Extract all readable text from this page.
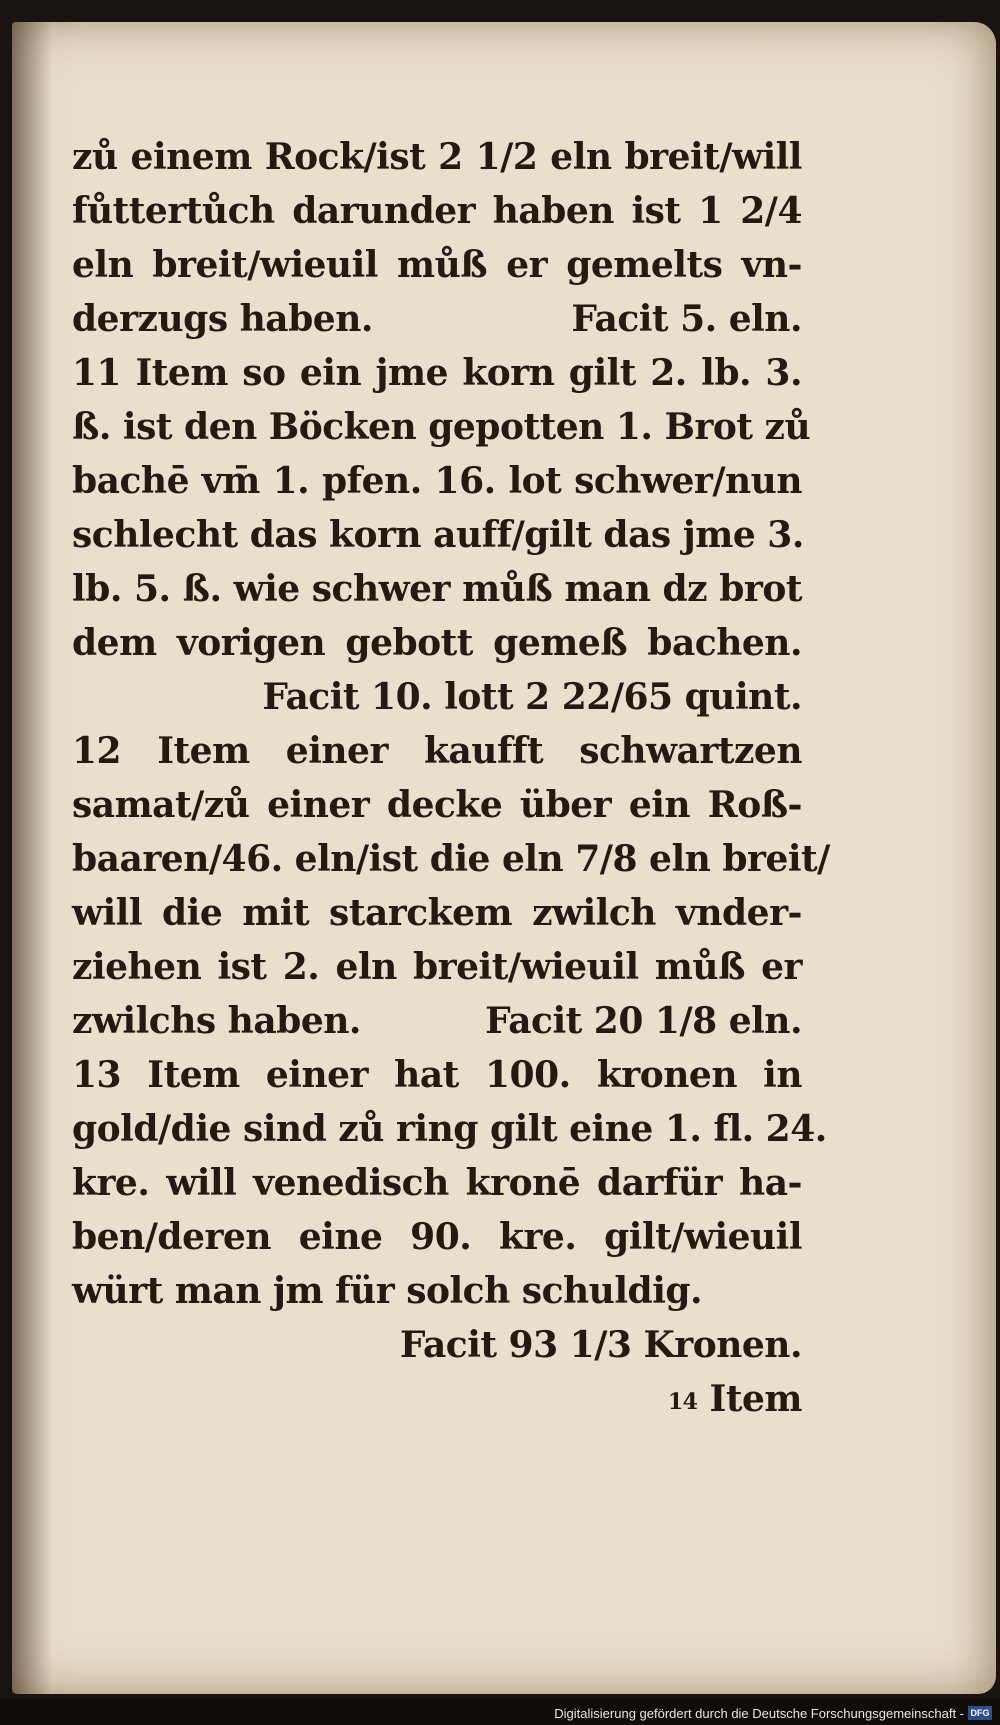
zů einem Rock/ist 2 1/2 eln breit/will
fůttertůch darunder haben ist 1 2/4
eln breit/wieuil můß er gemelts vn-
derzugs haben.	Facit 5. eln.
11 Item so ein jme korn gilt 2. lb. 3.
ß. ist den Böcken gepotten 1. Brot zů
bachē vm̄ 1. pfen. 16. lot schwer/nun
schlecht das korn auff/gilt das jme 3.
lb. 5. ß. wie schwer můß man dz brot
dem vorigen gebott gemeß bachen.
Facit 10. lott 2 22/65 quint.
12 Item einer kaufft schwartzen
samat/zů einer decke über ein Roß-
baaren/46. eln/ist die eln 7/8 eln breit/
will die mit starckem zwilch vnder-
ziehen ist 2. eln breit/wieuil můß er
zwilchs haben.	Facit 20 1/8 eln.
13 Item einer hat 100. kronen in
gold/die sind zů ring gilt eine 1. fl. 24.
kre. will venedisch kronē darfür ha-
ben/deren eine 90. kre. gilt/wieuil
würt man jm für solch schuldig.
Facit 93 1/3 Kronen.
14 Item
Digitalisierung gefördert durch die Deutsche Forschungsgemeinschaft - DFG
